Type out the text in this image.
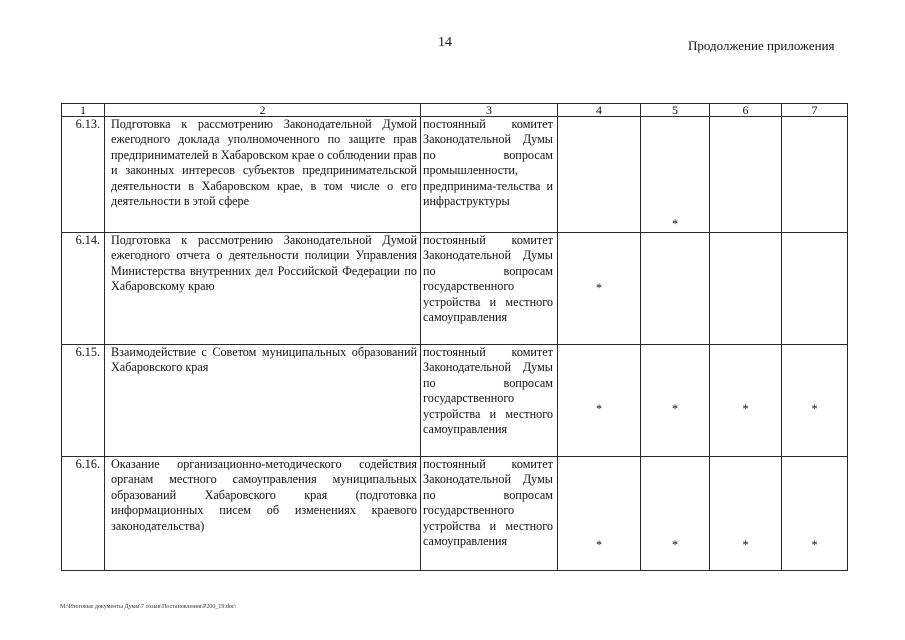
14	Продолжение приложения
1	2	3	4	5	6	7
6.13.	Подготовка к рассмотрению Законодательной Думой ежегодного доклада уполномоченного по защите прав предпринимателей в Хабаровском крае о соблюдении прав и законных интересов субъектов предпринимательской деятельности в Хабаровском крае, в том числе о его деятельности в этой сфере	постоянный комитет Законодательной Думы по вопросам промышленности, предпринима-тельства и инфраструктуры		*		
6.14.	Подготовка к рассмотрению Законодательной Думой ежегодного отчета о деятельности полиции Управления Министерства внутренних дел Российской Федерации по Хабаровскому краю	постоянный комитет Законодательной Думы по вопросам государственного устройства и местного самоуправления	*			
6.15.	Взаимодействие с Советом муниципальных образований Хабаровского края	постоянный комитет Законодательной Думы по вопросам государственного устройства и местного самоуправления	*	*	*	*
6.16.	Оказание организационно-методического содействия органам местного самоуправления муниципальных образований Хабаровского края (подготовка информационных писем об изменениях краевого законодательства)	постоянный комитет Законодательной Думы по вопросам государственного устройства и местного самоуправления	*	*	*	*
M:\Итоговые документы Думы\7 созыв\Постановления\P200_19.doc\
